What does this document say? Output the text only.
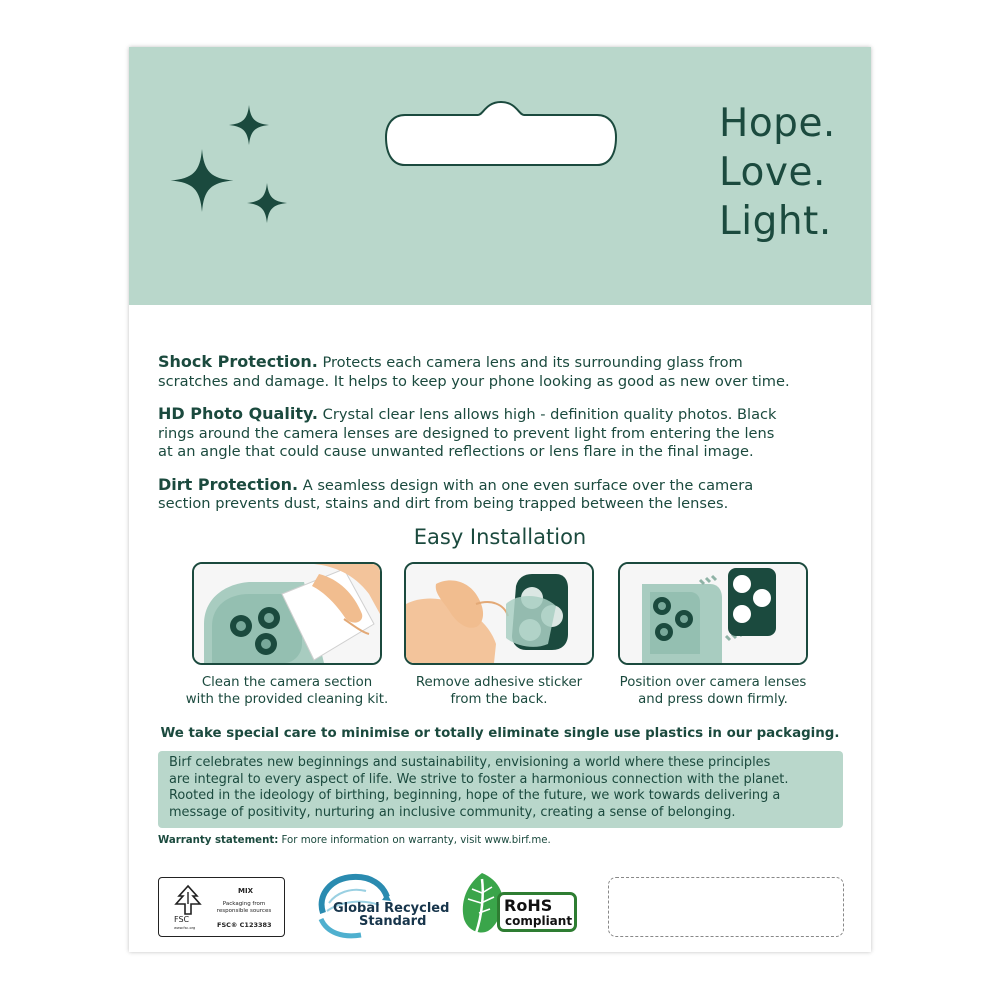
Hope.
Love.
Light.
Shock Protection. Protects each camera lens and its surrounding glass from
scratches and damage. It helps to keep your phone looking as good as new over time.
HD Photo Quality. Crystal clear lens allows high - definition quality photos. Black
rings around the camera lenses are designed to prevent light from entering the lens
at an angle that could cause unwanted reflections or lens flare in the final image.
Dirt Protection. A seamless design with an one even surface over the camera
section prevents dust, stains and dirt from being trapped between the lenses.
Easy Installation
Clean the camera section
with the provided cleaning kit.
Remove adhesive sticker
from the back.
Position over camera lenses
and press down firmly.
We take special care to minimise or totally eliminate single use plastics in our packaging.
Birf celebrates new beginnings and sustainability, envisioning a world where these principles
are integral to every aspect of life. We strive to foster a harmonious connection with the planet.
Rooted in the ideology of birthing, beginning, hope of the future, we work towards delivering a
message of positivity, nurturing an inclusive community, creating a sense of belonging.
Warranty statement: For more information on warranty, visit www.birf.me.
FSC
www.fsc.org
MIX
Packaging from
responsible sources
FSC® C123383
Global Recycled
Standard
RoHS
compliant
